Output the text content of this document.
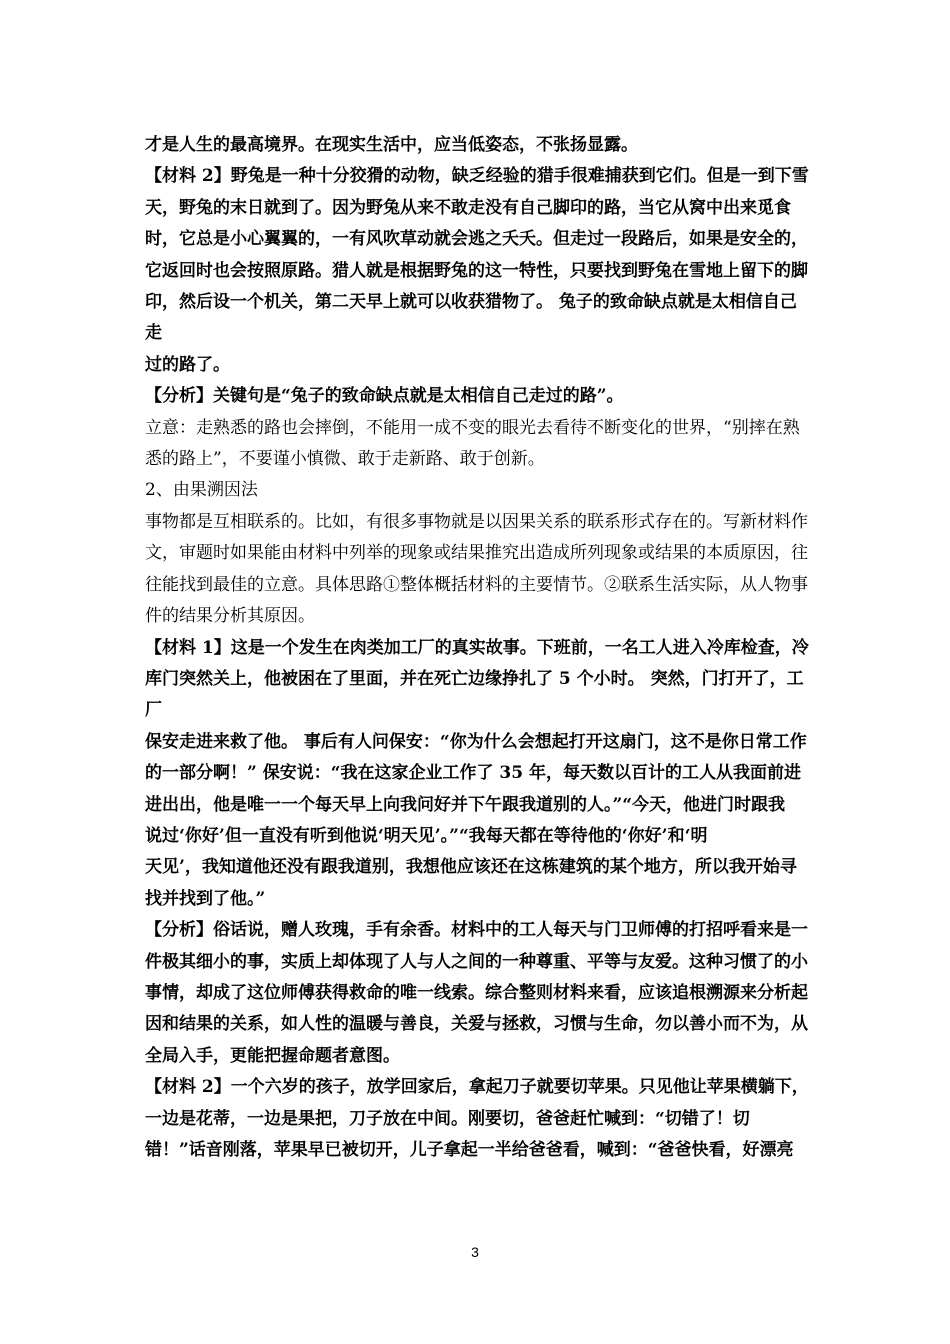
才是人生的最高境界。在现实生活中，应当低姿态，不张扬显露。

【材料 2】野兔是一种十分狡猾的动物，缺乏经验的猎手很难捕获到它们。但是一到下雪

天，野兔的末日就到了。因为野兔从来不敢走没有自己脚印的路，当它从窝中出来觅食

时，它总是小心翼翼的，一有风吹草动就会逃之夭夭。但走过一段路后，如果是安全的，

它返回时也会按照原路。猎人就是根据野兔的这一特性，只要找到野兔在雪地上留下的脚

印，然后设一个机关，第二天早上就可以收获猎物了。 兔子的致命缺点就是太相信自己走

过的路了。

【分析】关键句是“兔子的致命缺点就是太相信自己走过的路”。

立意：走熟悉的路也会摔倒，不能用一成不变的眼光去看待不断变化的世界，“别摔在熟

悉的路上”，不要谨小慎微、敢于走新路、敢于创新。

2、由果溯因法

事物都是互相联系的。比如，有很多事物就是以因果关系的联系形式存在的。写新材料作

文，审题时如果能由材料中列举的现象或结果推究出造成所列现象或结果的本质原因，往

往能找到最佳的立意。具体思路①整体概括材料的主要情节。②联系生活实际，从人物事

件的结果分析其原因。

【材料 1】这是一个发生在肉类加工厂的真实故事。下班前，一名工人进入冷库检查，冷

库门突然关上，他被困在了里面，并在死亡边缘挣扎了 5 个小时。 突然，门打开了，工厂

保安走进来救了他。 事后有人问保安：“你为什么会想起打开这扇门，这不是你日常工作

的一部分啊！” 保安说：“我在这家企业工作了 35 年，每天数以百计的工人从我面前进

进出出，他是唯一一个每天早上向我问好并下午跟我道别的人。”“今天，他进门时跟我

说过‘你好’但一直没有听到他说‘明天见’。”“我每天都在等待他的‘你好’和‘明

天见’，我知道他还没有跟我道别，我想他应该还在这栋建筑的某个地方，所以我开始寻

找并找到了他。”

【分析】俗话说，赠人玫瑰，手有余香。材料中的工人每天与门卫师傅的打招呼看来是一

件极其细小的事，实质上却体现了人与人之间的一种尊重、平等与友爱。这种习惯了的小

事情，却成了这位师傅获得救命的唯一线索。综合整则材料来看，应该追根溯源来分析起

因和结果的关系，如人性的温暖与善良，关爱与拯救，习惯与生命，勿以善小而不为，从

全局入手，更能把握命题者意图。

【材料 2】一个六岁的孩子，放学回家后，拿起刀子就要切苹果。只见他让苹果横躺下，

一边是花蒂，一边是果把，刀子放在中间。刚要切，爸爸赶忙喊到：“切错了！切

错！”话音刚落，苹果早已被切开，儿子拿起一半给爸爸看，喊到：“爸爸快看，好漂亮

3
